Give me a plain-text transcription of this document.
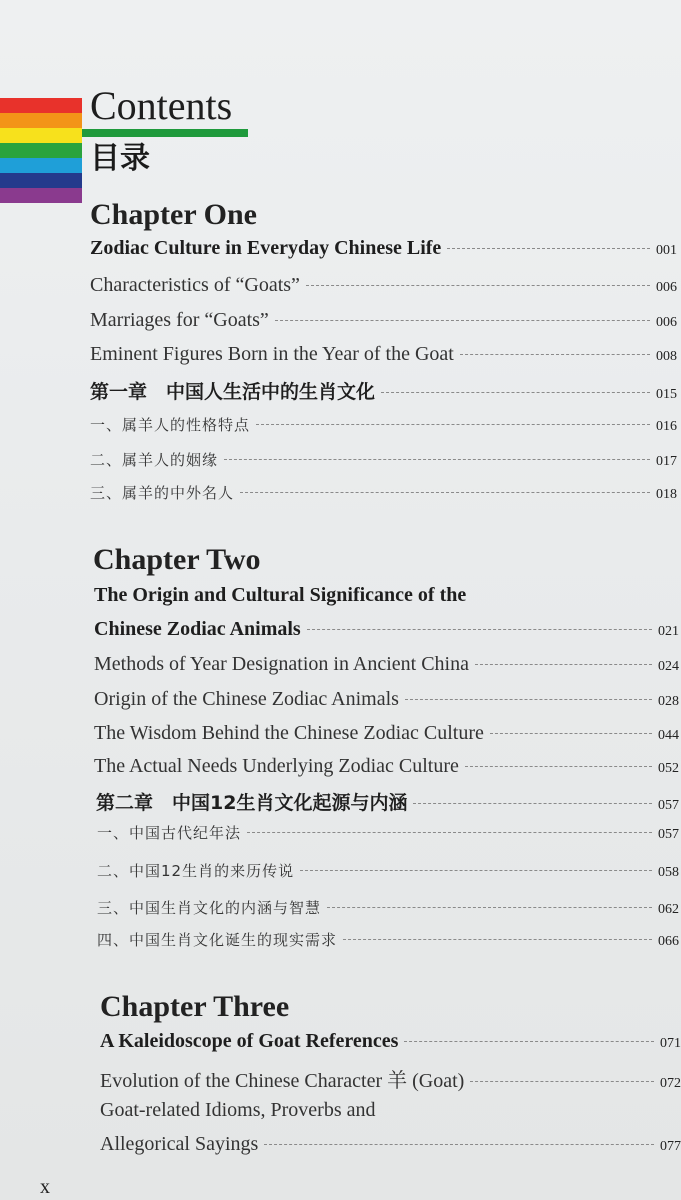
Contents
目录
Chapter One
Zodiac Culture in Everyday Chinese Life	001
Characteristics of “Goats”	006
Marriages for “Goats”	006
Eminent Figures Born in the Year of the Goat	008
第一章　中国人生活中的生肖文化	015
一、属羊人的性格特点	016
二、属羊人的姻缘	017
三、属羊的中外名人	018
Chapter Two
The Origin and Cultural Significance of the
Chinese Zodiac Animals	021
Methods of Year Designation in Ancient China	024
Origin of the Chinese Zodiac Animals	028
The Wisdom Behind the Chinese Zodiac Culture	044
The Actual Needs Underlying Zodiac Culture	052
第二章　中国12生肖文化起源与内涵	057
一、中国古代纪年法	057
二、中国12生肖的来历传说	058
三、中国生肖文化的内涵与智慧	062
四、中国生肖文化诞生的现实需求	066
Chapter Three
A Kaleidoscope of Goat References	071
Evolution of the Chinese Character 羊 (Goat)	072
Goat-related Idioms, Proverbs and
Allegorical Sayings	077
x
